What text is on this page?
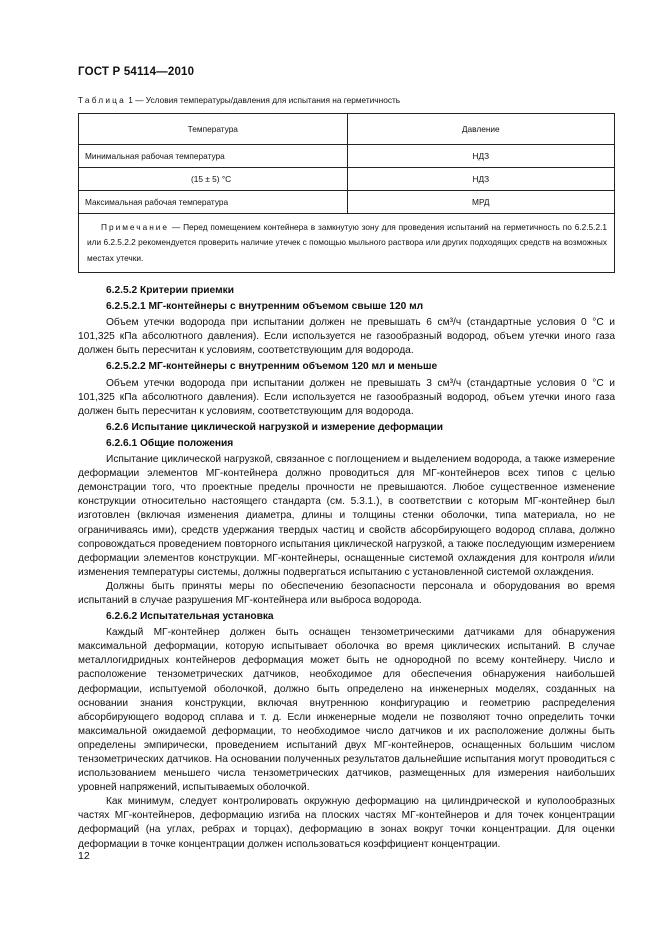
ГОСТ Р 54114—2010
Таблица 1 — Условия температуры/давления для испытания на герметичность
Температура	Давление
Минимальная рабочая температура	НДЗ
(15 ± 5) °C	НДЗ
Максимальная рабочая температура	МРД
Примечание — Перед помещением контейнера в замкнутую зону для проведения испытаний на герметичность по 6.2.5.2.1 или 6.2.5.2.2 рекомендуется проверить наличие утечек с помощью мыльного раствора или других подходящих средств на возможных местах утечки.	
6.2.5.2 Критерии приемки
6.2.5.2.1 МГ-контейнеры с внутренним объемом свыше 120 мл

Объем утечки водорода при испытании должен не превышать 6 см³/ч (стандартные условия 0 °С и 101,325 кПа абсолютного давления). Если используется не газообразный водород, объем утечки иного газа должен быть пересчитан к условиям, соответствующим для водорода.

6.2.5.2.2 МГ-контейнеры с внутренним объемом 120 мл и меньше

Объем утечки водорода при испытании должен не превышать 3 см³/ч (стандартные условия 0 °С и 101,325 кПа абсолютного давления). Если используется не газообразный водород, объем утечки иного газа должен быть пересчитан к условиям, соответствующим для водорода.

6.2.6 Испытание циклической нагрузкой и измерение деформации
6.2.6.1 Общие положения

Испытание циклической нагрузкой, связанное с поглощением и выделением водорода, а также измерение деформации элементов МГ-контейнера должно проводиться для МГ-контейнеров всех типов с целью демонстрации того, что проектные пределы прочности не превышаются. Любое существенное изменение конструкции относительно настоящего стандарта (см. 5.3.1.), в соответствии с которым МГ-контейнер был изготовлен (включая изменения диаметра, длины и толщины стенки оболочки, типа материала, но не ограничиваясь ими), средств удержания твердых частиц и свойств абсорбирующего водород сплава, должно сопровождаться проведением повторного испытания циклической нагрузкой, а также последующим измерением деформации элементов конструкции. МГ-контейнеры, оснащенные системой охлаждения для контроля и/или изменения температуры системы, должны подвергаться испытанию с установленной системой охлаждения.

Должны быть приняты меры по обеспечению безопасности персонала и оборудования во время испытаний в случае разрушения МГ-контейнера или выброса водорода.

6.2.6.2 Испытательная установка

Каждый МГ-контейнер должен быть оснащен тензометрическими датчиками для обнаружения максимальной деформации, которую испытывает оболочка во время циклических испытаний. В случае металлогидридных контейнеров деформация может быть не однородной по всему контейнеру. Число и расположение тензометрических датчиков, необходимое для обеспечения обнаружения наибольшей деформации, испытуемой оболочкой, должно быть определено на инженерных моделях, созданных на основании знания конструкции, включая внутреннюю конфигурацию и геометрию распределения абсорбирующего водород сплава и т. д. Если инженерные модели не позволяют точно определить точки максимальной ожидаемой деформации, то необходимое число датчиков и их расположение должны быть определены эмпирически, проведением испытаний двух МГ-контейнеров, оснащенных большим числом тензометрических датчиков. На основании полученных результатов дальнейшие испытания могут проводиться с использованием меньшего числа тензометрических датчиков, размещенных для измерения наибольших уровней напряжений, испытываемых оболочкой.

Как минимум, следует контролировать окружную деформацию на цилиндрической и куполообразных частях МГ-контейнеров, деформацию изгиба на плоских частях МГ-контейнеров и для точек концентрации деформаций (на углах, ребрах и торцах), деформацию в зонах вокруг точки концентрации. Для оценки деформации в точке концентрации должен использоваться коэффициент концентрации.

12
